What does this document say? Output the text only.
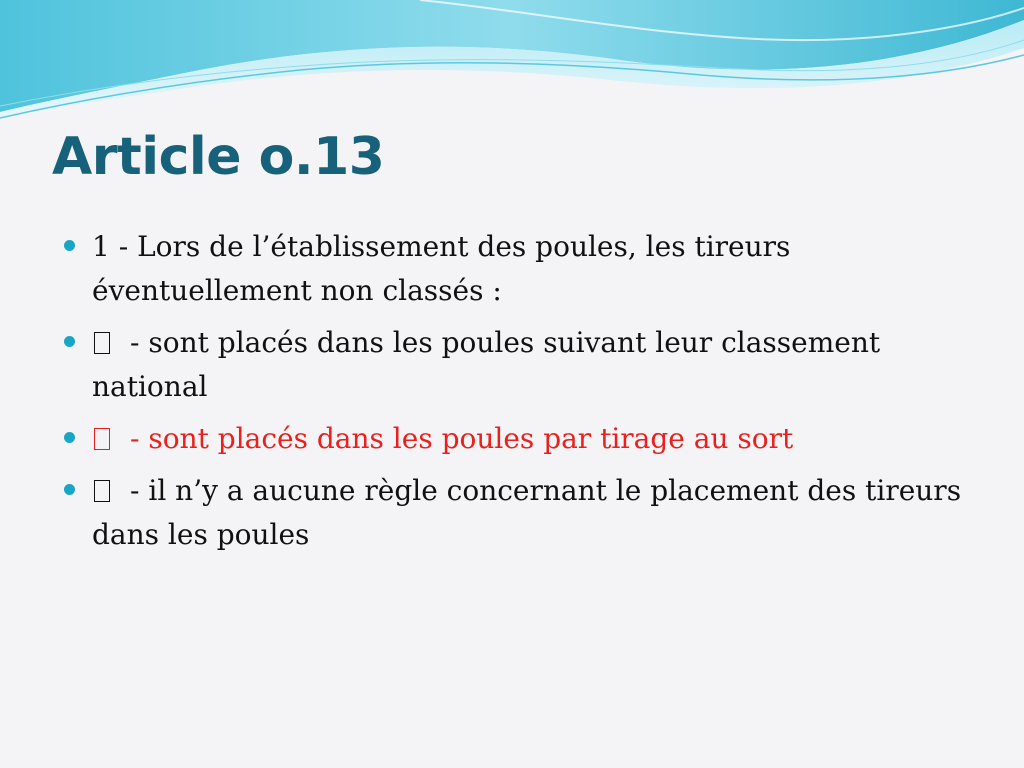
Article o.13
1 - Lors de l’établissement des poules, les tireurs éventuellement non classés :
- sont placés dans les poules suivant leur classement national
- sont placés dans les poules par tirage au sort
- il n’y a aucune règle concernant le placement des tireurs dans les poules
